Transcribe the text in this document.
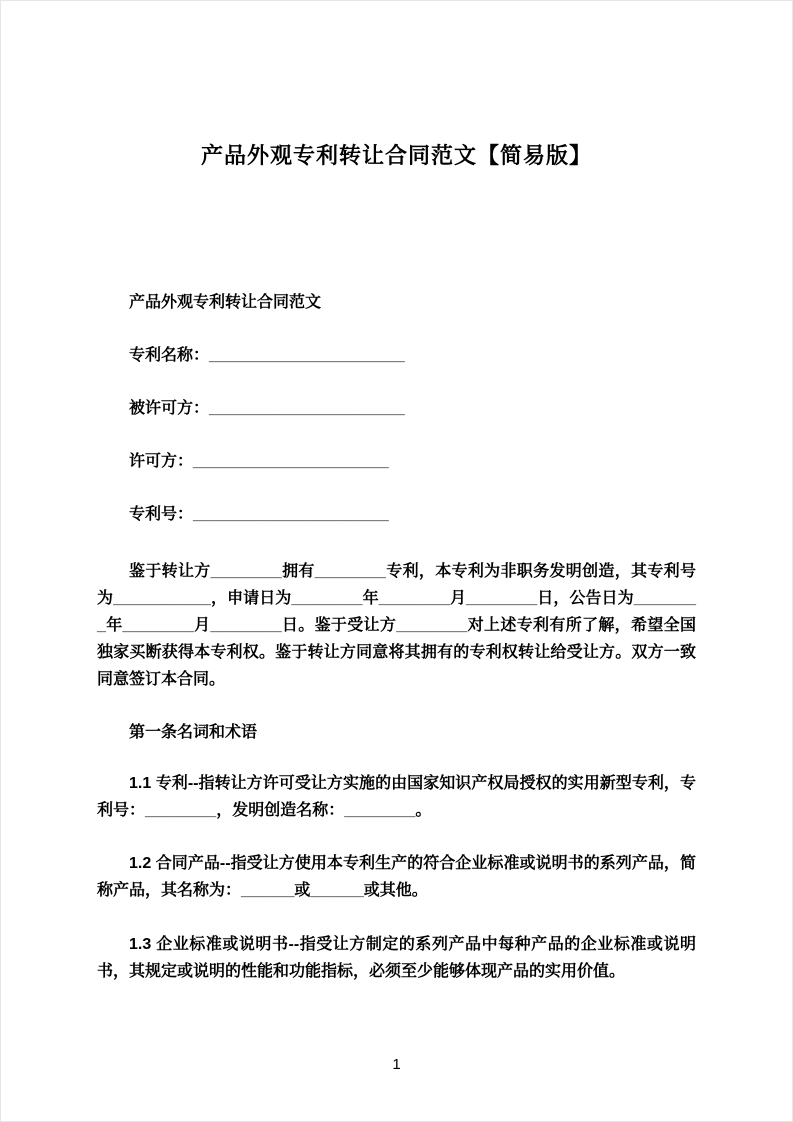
产品外观专利转让合同范文【简易版】

产品外观专利转让合同范文

专利名称：______________________
被许可方：______________________
许可方：______________________
专利号：______________________

鉴于转让方________拥有________专利，本专利为非职务发明创造，其专利号为___________，申请日为________年________月________日，公告日为________年________月________日。鉴于受让方________对上述专利有所了解，希望全国独家买断获得本专利权。鉴于转让方同意将其拥有的专利权转让给受让方。双方一致同意签订本合同。

第一条名词和术语

1.1 专利--指转让方许可受让方实施的由国家知识产权局授权的实用新型专利，专利号：________，发明创造名称：________。

1.2 合同产品--指受让方使用本专利生产的符合企业标准或说明书的系列产品，简称产品，其名称为：______或______或其他。

1.3 企业标准或说明书--指受让方制定的系列产品中每种产品的企业标准或说明书，其规定或说明的性能和功能指标，必须至少能够体现产品的实用价值。

1
